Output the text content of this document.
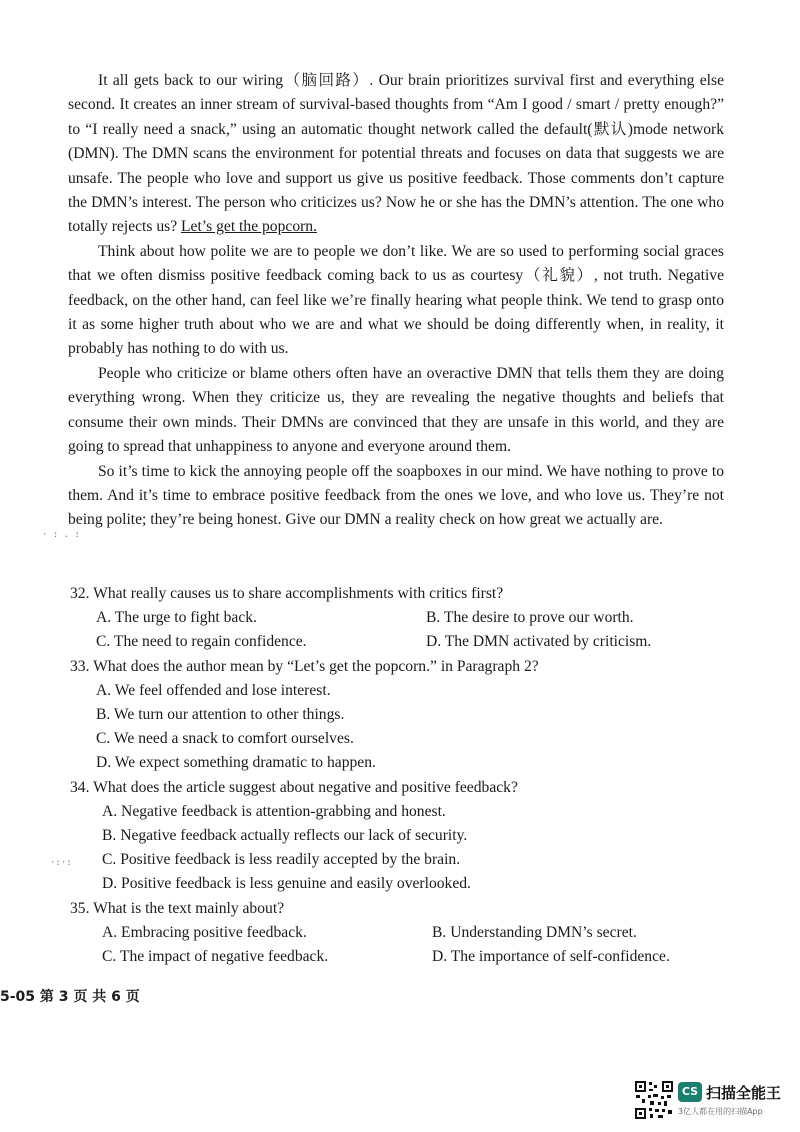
It all gets back to our wiring（脑回路）. Our brain prioritizes survival first and everything else second. It creates an inner stream of survival-based thoughts from “Am I good / smart / pretty enough?” to “I really need a snack,” using an automatic thought network called the default(默认)mode network (DMN). The DMN scans the environment for potential threats and focuses on data that suggests we are unsafe. The people who love and support us give us positive feedback. Those comments don’t capture the DMN’s interest. The person who criticizes us? Now he or she has the DMN’s attention. The one who totally rejects us? Let’s get the popcorn.

Think about how polite we are to people we don’t like. We are so used to performing social graces that we often dismiss positive feedback coming back to us as courtesy（礼貌）, not truth. Negative feedback, on the other hand, can feel like we’re finally hearing what people think. We tend to grasp onto it as some higher truth about who we are and what we should be doing differently when, in reality, it probably has nothing to do with us.

People who criticize or blame others often have an overactive DMN that tells them they are doing everything wrong. When they criticize us, they are revealing the negative thoughts and beliefs that consume their own minds. Their DMNs are convinced that they are unsafe in this world, and they are going to spread that unhappiness to anyone and everyone around them.

So it’s time to kick the annoying people off the soapboxes in our mind. We have nothing to prove to them. And it’s time to embrace positive feedback from the ones we love, and who love us. They’re not being polite; they’re being honest. Give our DMN a reality check on how great we actually are.

32. What really causes us to share accomplishments with critics first?
A. The urge to fight back.	B. The desire to prove our worth.
C. The need to regain confidence.	D. The DMN activated by criticism.
33. What does the author mean by “Let’s get the popcorn.” in Paragraph 2?
A. We feel offended and lose interest.
B. We turn our attention to other things.
C. We need a snack to comfort ourselves.
D. We expect something dramatic to happen.
34. What does the article suggest about negative and positive feedback?
A. Negative feedback is attention-grabbing and honest.
B. Negative feedback actually reflects our lack of security.
C. Positive feedback is less readily accepted by the brain.
D. Positive feedback is less genuine and easily overlooked.
35. What is the text mainly about?
A. Embracing positive feedback.	B. Understanding DMN’s secret.
C. The impact of negative feedback.	D. The importance of self-confidence.
· : . :
·:·:
5-05 第 3 页 共 6 页
CS 扫描全能王
3亿人都在用的扫描App
